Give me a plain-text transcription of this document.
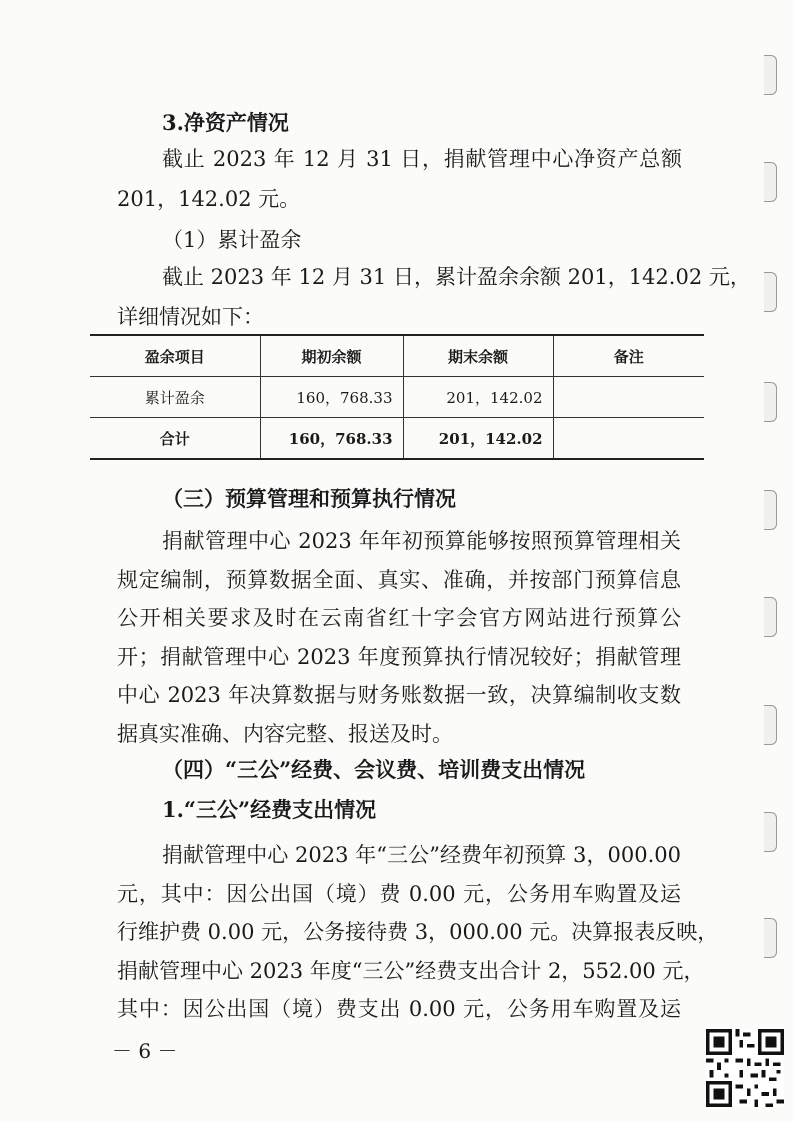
3.净资产情况
截止 2023 年 12 月 31 日，捐献管理中心净资产总额
201，142.02 元。
（1）累计盈余
截止 2023 年 12 月 31 日，累计盈余余额 201，142.02 元，
详细情况如下：
盈余项目	期初余额	期末余额	备注
累计盈余	160，768.33	201，142.02	
合计	160，768.33	201，142.02	
（三）预算管理和预算执行情况
捐献管理中心 2023 年年初预算能够按照预算管理相关
规定编制，预算数据全面、真实、准确，并按部门预算信息
公开相关要求及时在云南省红十字会官方网站进行预算公
开；捐献管理中心 2023 年度预算执行情况较好；捐献管理
中心 2023 年决算数据与财务账数据一致，决算编制收支数
据真实准确、内容完整、报送及时。
（四）“三公”经费、会议费、培训费支出情况
1.“三公”经费支出情况
捐献管理中心 2023 年“三公”经费年初预算 3，000.00
元，其中：因公出国（境）费 0.00 元，公务用车购置及运
行维护费 0.00 元，公务接待费 3，000.00 元。决算报表反映，
捐献管理中心 2023 年度“三公”经费支出合计 2，552.00 元，
其中：因公出国（境）费支出 0.00 元，公务用车购置及运
－ 6 －
